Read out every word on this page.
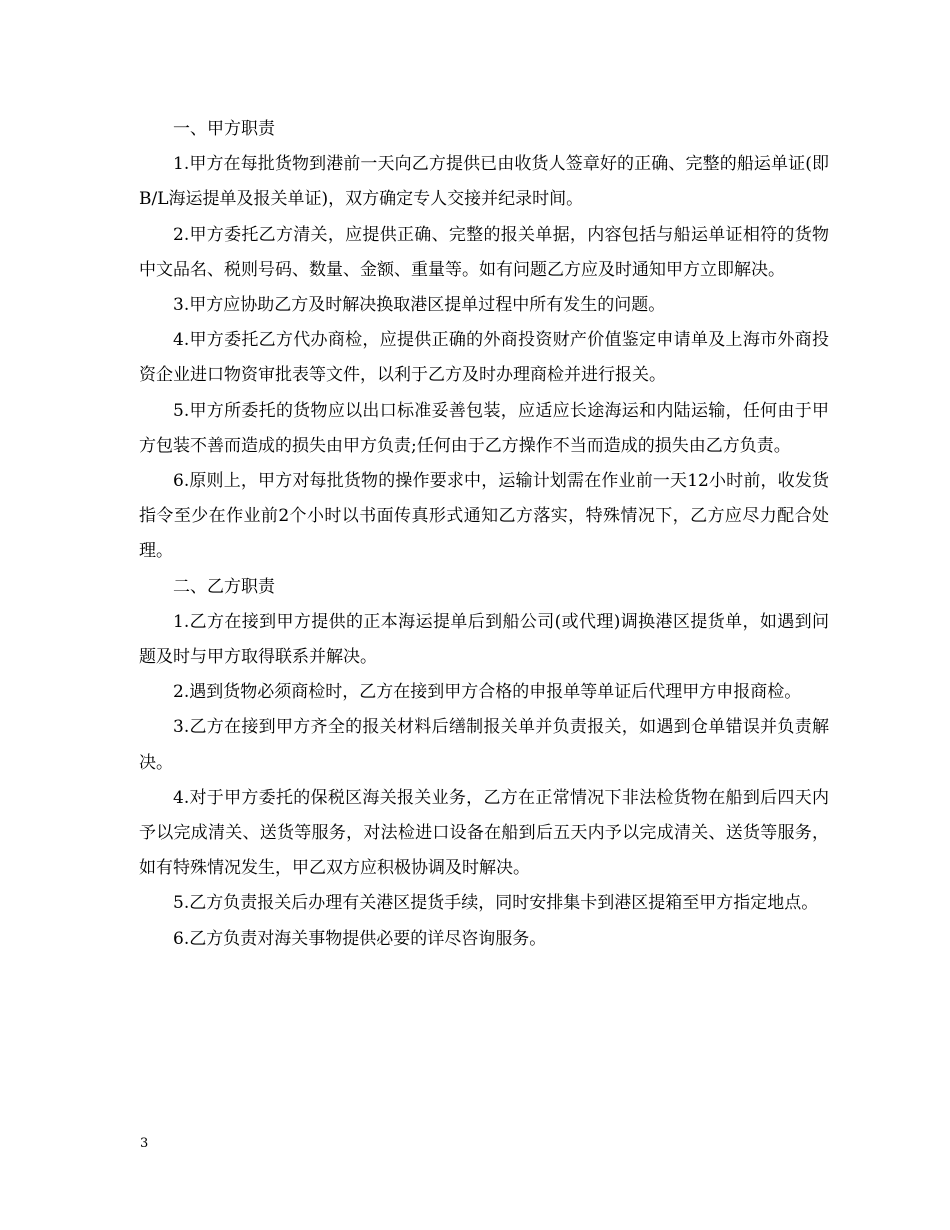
一、甲方职责

1.甲方在每批货物到港前一天向乙方提供已由收货人签章好的正确、完整的船运单证(即B/L海运提单及报关单证)，双方确定专人交接并纪录时间。

2.甲方委托乙方清关，应提供正确、完整的报关单据，内容包括与船运单证相符的货物中文品名、税则号码、数量、金额、重量等。如有问题乙方应及时通知甲方立即解决。

3.甲方应协助乙方及时解决换取港区提单过程中所有发生的问题。

4.甲方委托乙方代办商检，应提供正确的外商投资财产价值鉴定申请单及上海市外商投资企业进口物资审批表等文件，以利于乙方及时办理商检并进行报关。

5.甲方所委托的货物应以出口标准妥善包装，应适应长途海运和内陆运输，任何由于甲方包装不善而造成的损失由甲方负责;任何由于乙方操作不当而造成的损失由乙方负责。

6.原则上，甲方对每批货物的操作要求中，运输计划需在作业前一天12小时前，收发货指令至少在作业前2个小时以书面传真形式通知乙方落实，特殊情况下，乙方应尽力配合处理。

二、乙方职责

1.乙方在接到甲方提供的正本海运提单后到船公司(或代理)调换港区提货单，如遇到问题及时与甲方取得联系并解决。

2.遇到货物必须商检时，乙方在接到甲方合格的申报单等单证后代理甲方申报商检。

3.乙方在接到甲方齐全的报关材料后缮制报关单并负责报关，如遇到仓单错误并负责解决。

4.对于甲方委托的保税区海关报关业务，乙方在正常情况下非法检货物在船到后四天内予以完成清关、送货等服务，对法检进口设备在船到后五天内予以完成清关、送货等服务，如有特殊情况发生，甲乙双方应积极协调及时解决。

5.乙方负责报关后办理有关港区提货手续，同时安排集卡到港区提箱至甲方指定地点。

6.乙方负责对海关事物提供必要的详尽咨询服务。

3
